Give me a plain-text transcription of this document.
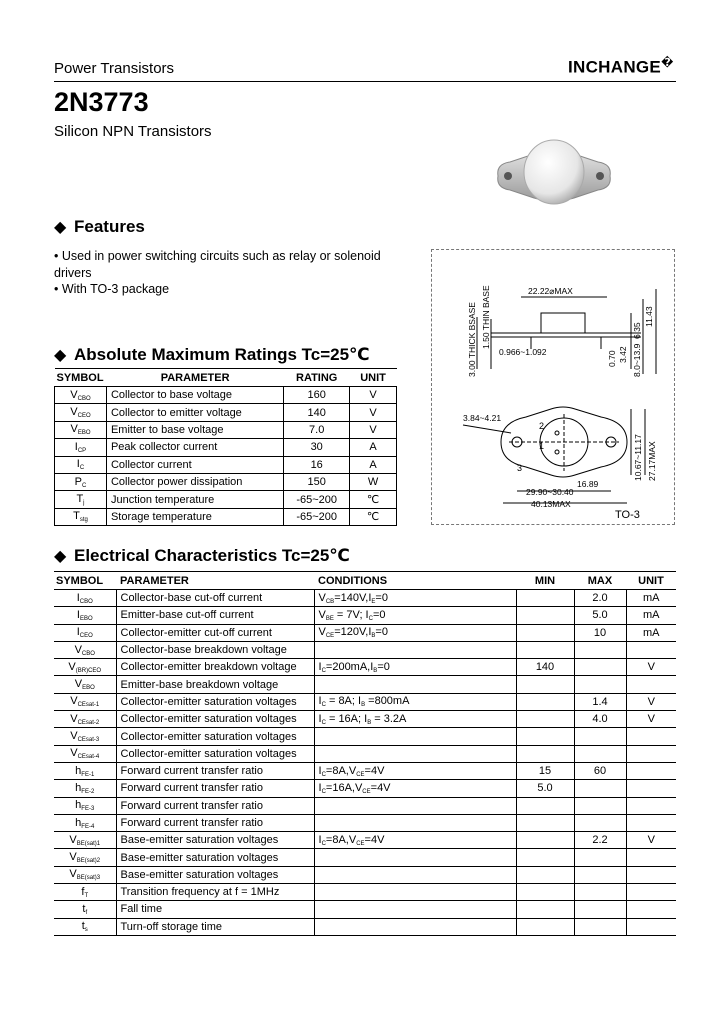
Power Transistors	INCHANGE�
2N3773
Silicon NPN Transistors
◆ Features
• Used in power switching circuits such as relay or solenoid drivers
• With TO-3 package
3.00 THICK BSASE 1.50 THIN BASE	22.22⌀MAX
0.966~1.092
6.35
11.43
8.0~13.9
0.70 3.42
3.84~4.21
10.67~11.17 27.17MAX
16.89
29.90~30.40
40.13MAX
2
1
3
TO-3
◆ Absolute Maximum Ratings Tc=25℃
SYMBOL	PARAMETER	RATING	UNIT
$V_{CBO}$	Collector to base voltage	160	V
$V_{CEO}$	Collector to emitter voltage	140	V
$V_{EBO}$	Emitter to base voltage	7.0	V
$I_{CP}$	Peak collector current	30	A
$I_C$	Collector current	16	A
$P_C$	Collector power dissipation	150	W
$T_j$	Junction temperature	-65~200	℃
$T_{stg}$	Storage temperature	-65~200	℃
◆ Electrical Characteristics Tc=25℃
SYMBOL	PARAMETER	CONDITIONS	MIN	MAX	UNIT
$I_{CBO}$	Collector-base cut-off current	$V_{CB}=140V,I_E=0$		2.0	mA
$I_{EBO}$	Emitter-base cut-off current	$V_{BE} = 7V$; $I_C=0$		5.0	mA
$I_{CEO}$	Collector-emitter cut-off current	$V_{CE}=120V,I_B=0$		10	mA
$V_{CBO}$	Collector-base breakdown voltage				
$V_{(BR)CEO}$	Collector-emitter breakdown voltage	$I_C=200mA,I_B=0$	140		V
$V_{EBO}$	Emitter-base breakdown voltage				
$V_{CEsat-1}$	Collector-emitter saturation voltages	$I_C = 8A$; $I_B =800mA$		1.4	V
$V_{CEsat-2}$	Collector-emitter saturation voltages	$I_C = 16A$; $I_B = 3.2A$		4.0	V
$V_{CEsat-3}$	Collector-emitter saturation voltages				
$V_{CEsat-4}$	Collector-emitter saturation voltages				
$h_{FE-1}$	Forward current transfer ratio	$I_C=8A,V_{CE}=4V$	15	60	
$h_{FE-2}$	Forward current transfer ratio	$I_C=16A,V_{CE}=4V$	5.0		
$h_{FE-3}$	Forward current transfer ratio				
$h_{FE-4}$	Forward current transfer ratio				
$V_{BE(sat)1}$	Base-emitter saturation voltages	$I_C=8A,V_{CE}=4V$		2.2	V
$V_{BE(sat)2}$	Base-emitter saturation voltages				
$V_{BE(sat)3}$	Base-emitter saturation voltages				
$f_T$	Transition frequency at f = 1MHz				
$t_f$	Fall time				
$t_s$	Turn-off storage time				
